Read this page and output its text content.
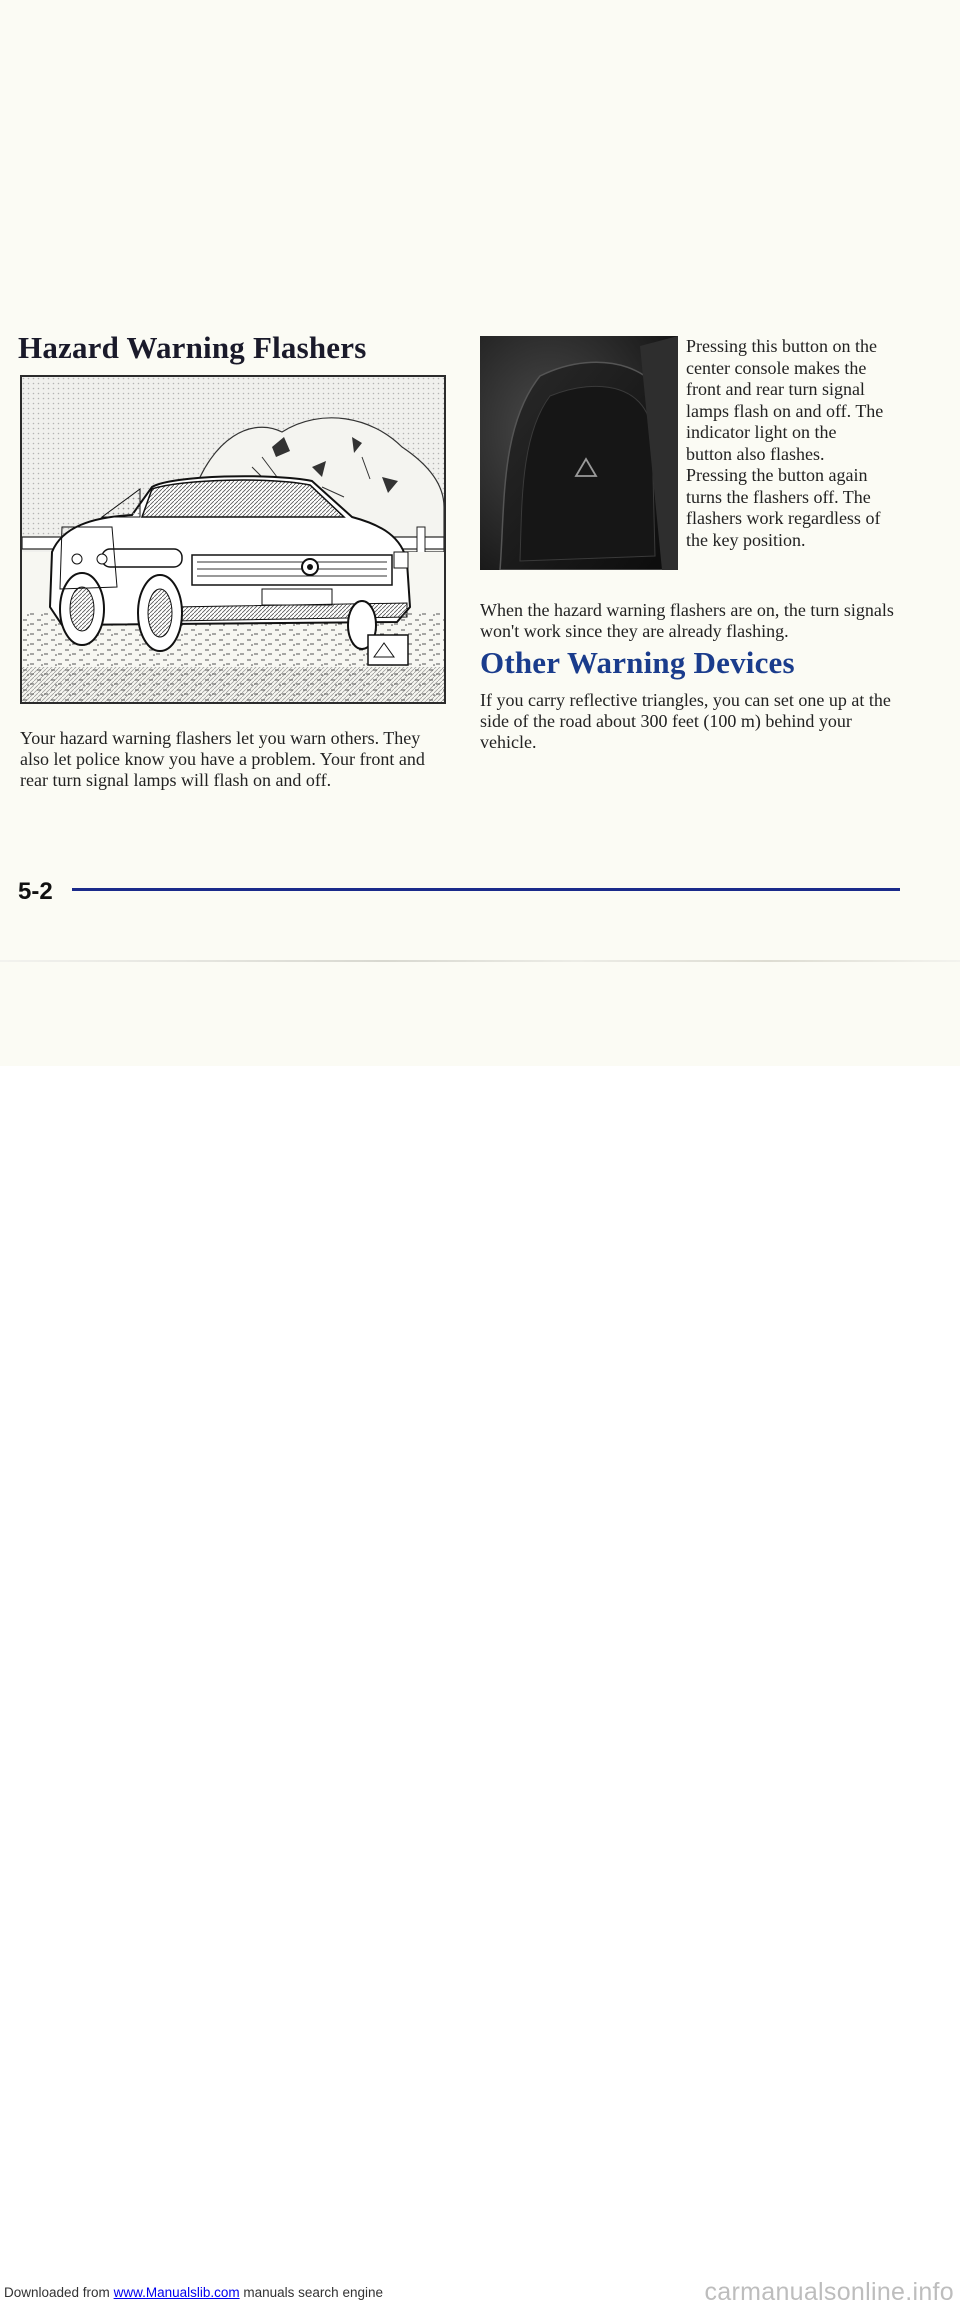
Hazard Warning Flashers	Pressing this button on the center console makes the front and rear turn signal lamps flash on and off. The indicator light on the button also flashes. Pressing the button again turns the flashers off. The flashers work regardless of the key position.

When the hazard warning flashers are on, the turn signals won't work since they are already flashing.

Other Warning Devices

If you carry reflective triangles, you can set one up at the side of the road about 300 feet (100 m) behind your vehicle.

Your hazard warning flashers let you warn others. They also let police know you have a problem. Your front and rear turn signal lamps will flash on and off.

5-2

Downloaded from www.Manualslib.com manuals search engine	carmanualsonline.info
